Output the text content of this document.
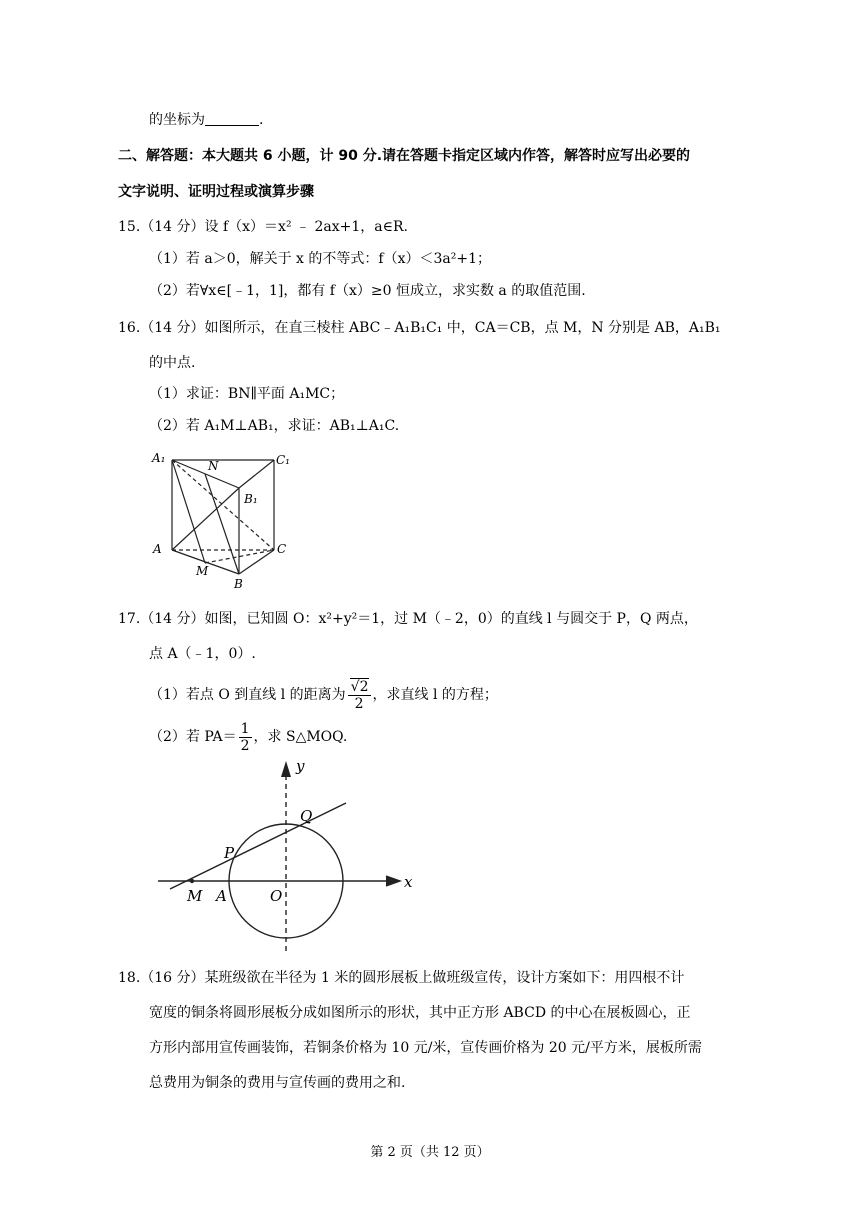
的坐标为	.
二、解答题：本大题共 6 小题，计 90 分.请在答题卡指定区域内作答，解答时应写出必要的
文字说明、证明过程或演算步骤
15.（14 分）设 f（x）＝x² ﹣ 2ax+1，a∈R.
（1）若 a＞0，解关于 x 的不等式：f（x）＜3a²+1；
（2）若∀x∈[﹣1，1]，都有 f（x）≥0 恒成立，求实数 a 的取值范围.
16.（14 分）如图所示，在直三棱柱 ABC﹣A₁B₁C₁ 中，CA＝CB，点 M，N 分别是 AB，A₁B₁
的中点.
（1）求证：BN∥平面 A₁MC；
（2）若 A₁M⊥AB₁，求证：AB₁⊥A₁C.
A₁
N	C₁
B₁
A	C
M
B
17.（14 分）如图，已知圆 O：x²+y²＝1，过 M（﹣2，0）的直线 l 与圆交于 P，Q 两点，
点 A（﹣1，0）.
（1）若点 O 到直线 l 的距离为 $\frac{√2}{2}$ ，求直线 l 的方程；
（2）若 $PA= \frac{1}{2}$ ，求 S△MOQ.
y
x
Q
P
M A	O
18.（16 分）某班级欲在半径为 1 米的圆形展板上做班级宣传，设计方案如下：用四根不计
宽度的铜条将圆形展板分成如图所示的形状，其中正方形 ABCD 的中心在展板圆心，正
方形内部用宣传画装饰，若铜条价格为 10 元/米，宣传画价格为 20 元/平方米，展板所需
总费用为铜条的费用与宣传画的费用之和.
第 2 页（共 12 页）
